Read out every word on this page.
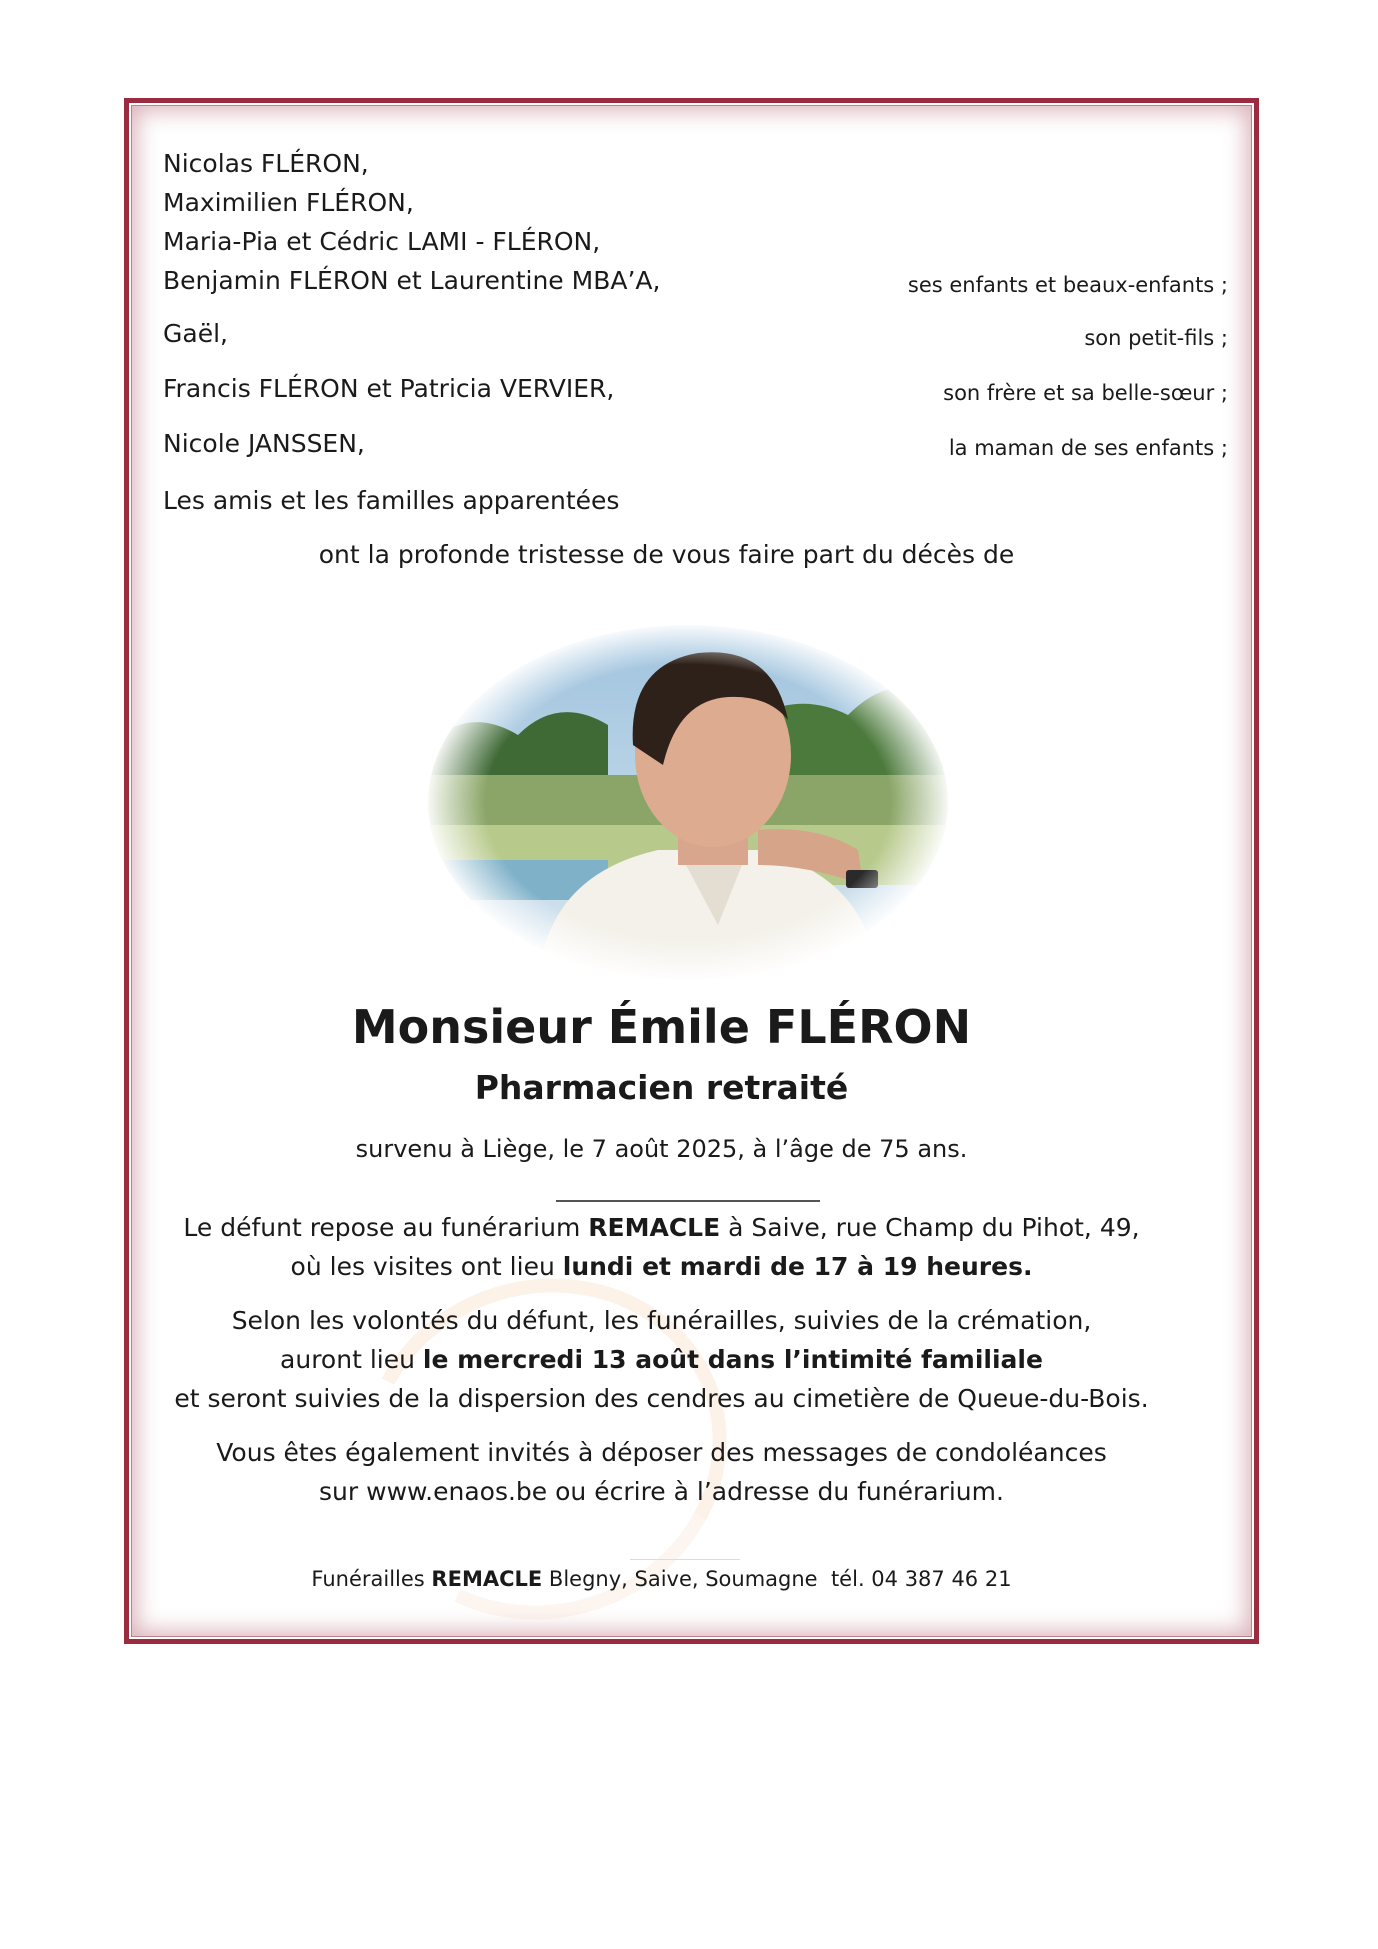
Nicolas FLÉRON,
Maximilien FLÉRON,
Maria-Pia et Cédric LAMI - FLÉRON,
Benjamin FLÉRON et Laurentine MBA’A,	ses enfants et beaux-enfants ;
Gaël,	son petit-fils ;
Francis FLÉRON et Patricia VERVIER,	son frère et sa belle-sœur ;
Nicole JANSSEN,	la maman de ses enfants ;
Les amis et les familles apparentées
ont la profonde tristesse de vous faire part du décès de
Monsieur Émile FLÉRON
Pharmacien retraité
survenu à Liège, le 7 août 2025, à l’âge de 75 ans.
Le défunt repose au funérarium REMACLE à Saive, rue Champ du Pihot, 49,
où les visites ont lieu lundi et mardi de 17 à 19 heures.
Selon les volontés du défunt, les funérailles, suivies de la crémation,
auront lieu le mercredi 13 août dans l’intimité familiale
et seront suivies de la dispersion des cendres au cimetière de Queue-du-Bois.
Vous êtes également invités à déposer des messages de condoléances
sur www.enaos.be ou écrire à l’adresse du funérarium.
Funérailles REMACLE Blegny, Saive, Soumagne tél. 04 387 46 21
